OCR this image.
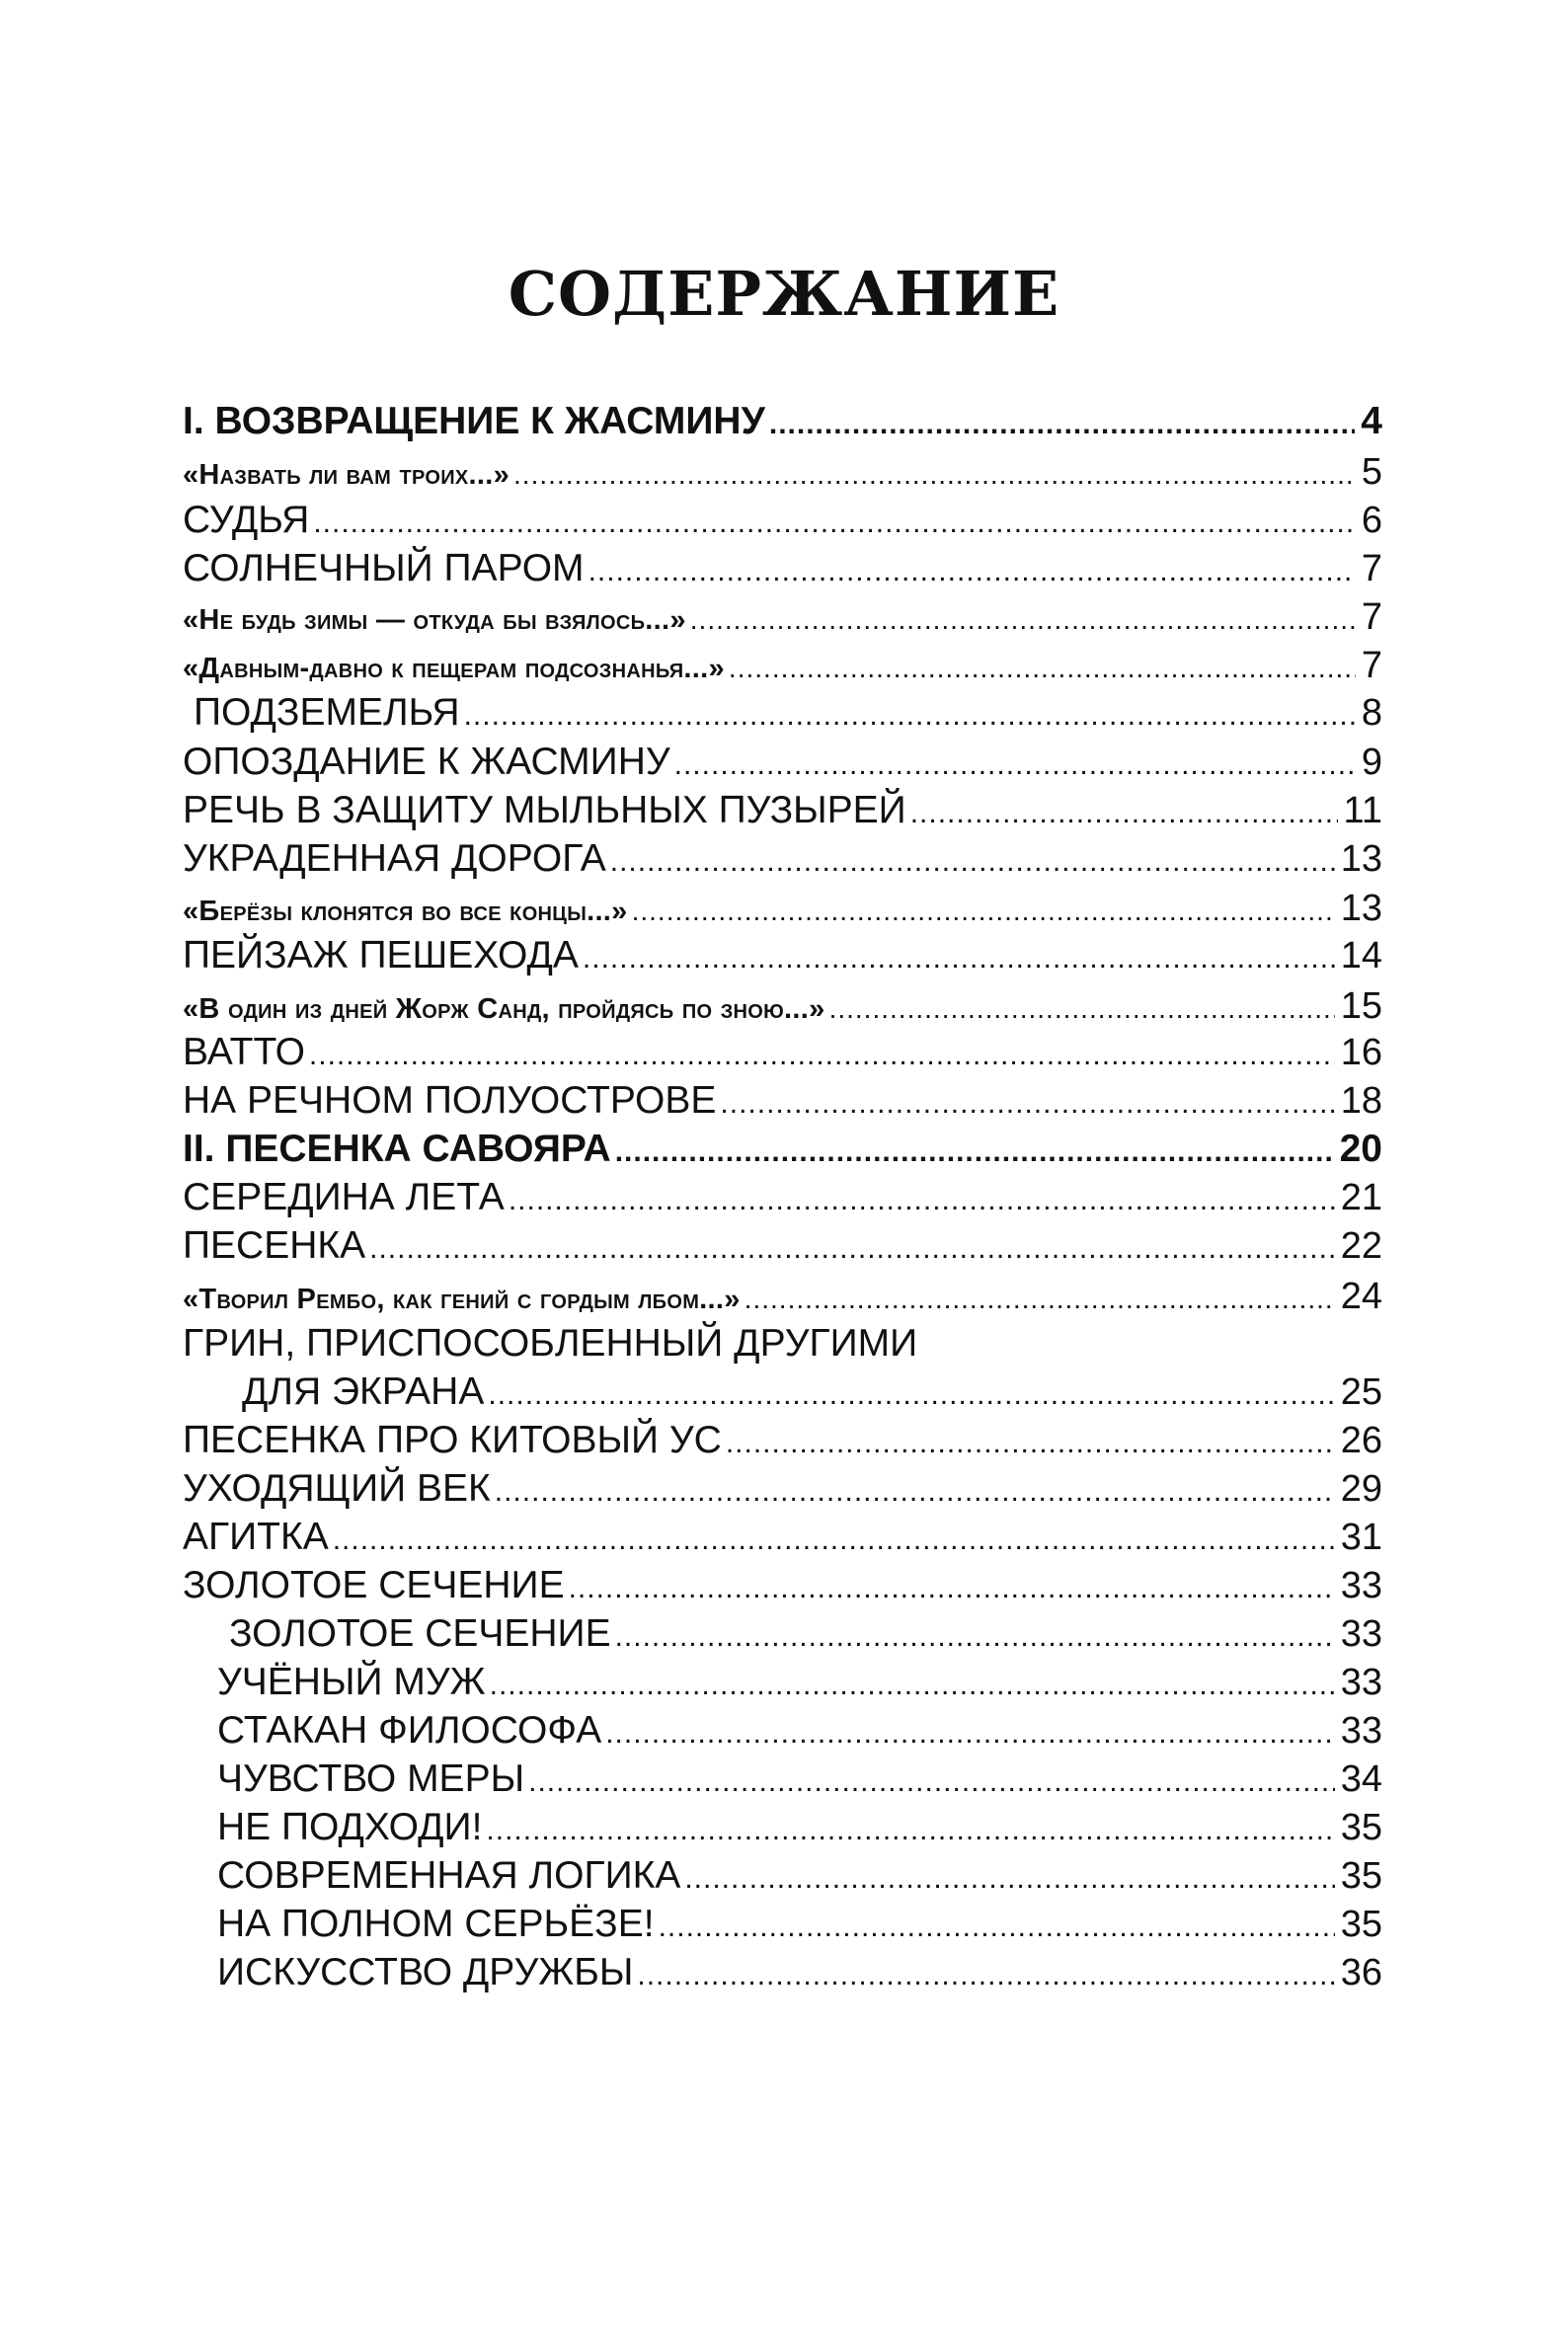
СОДЕРЖАНИЕ
I. ВОЗВРАЩЕНИЕ К ЖАСМИНУ .....	4
«Назвать ли вам троих...» .....	5
СУДЬЯ .....	6
СОЛНЕЧНЫЙ ПАРОМ .....	7
«Не будь зимы — откуда бы взялось...» .....	7
«Давным-давно к пещерам подсознанья...» .....	7
ПОДЗЕМЕЛЬЯ .....	8
ОПОЗДАНИЕ К ЖАСМИНУ .....	9
РЕЧЬ В ЗАЩИТУ МЫЛЬНЫХ ПУЗЫРЕЙ .....	11
УКРАДЕННАЯ ДОРОГА .....	13
«Берёзы клонятся во все концы...» .....	13
ПЕЙЗАЖ ПЕШЕХОДА .....	14
«В один из дней Жорж Санд, пройдясь по зною...» .....	15
ВАТТО .....	16
НА РЕЧНОМ ПОЛУОСТРОВЕ .....	18
II. ПЕСЕНКА САВОЯРА .....	20
СЕРЕДИНА ЛЕТА .....	21
ПЕСЕНКА .....	22
«Творил Рембо, как гений с гордым лбом...» .....	24
ГРИН, ПРИСПОСОБЛЕННЫЙ ДРУГИМИ
ДЛЯ ЭКРАНА .....	25
ПЕСЕНКА ПРО КИТОВЫЙ УС .....	26
УХОДЯЩИЙ ВЕК .....	29
АГИТКА .....	31
ЗОЛОТОЕ СЕЧЕНИЕ .....	33
ЗОЛОТОЕ СЕЧЕНИЕ .....	33
УЧЁНЫЙ МУЖ .....	33
СТАКАН ФИЛОСОФА .....	33
ЧУВСТВО МЕРЫ .....	34
НЕ ПОДХОДИ! .....	35
СОВРЕМЕННАЯ ЛОГИКА .....	35
НА ПОЛНОМ СЕРЬЁЗЕ! .....	35
ИСКУССТВО ДРУЖБЫ .....	36
